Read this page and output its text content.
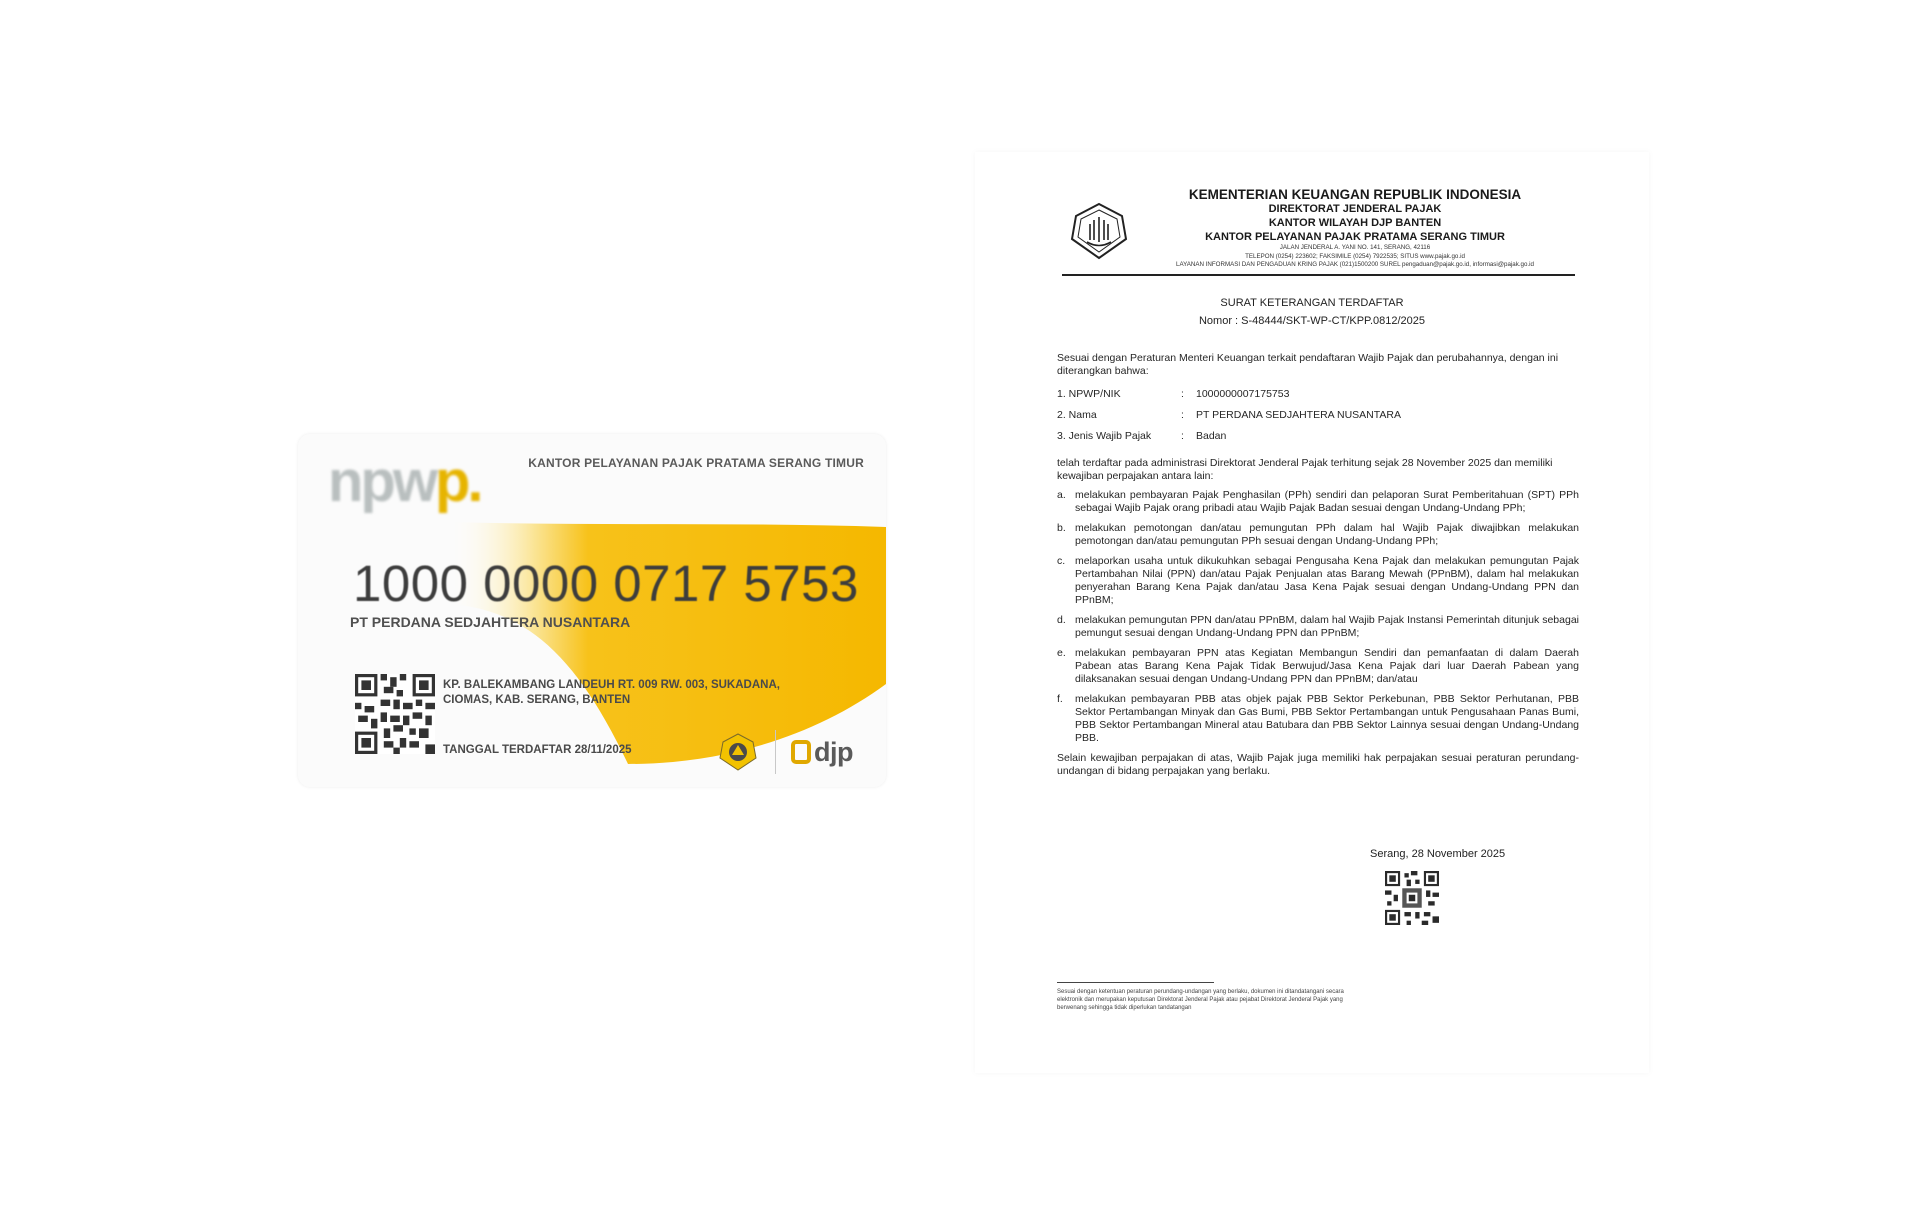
npwp.	KANTOR PELAYANAN PAJAK PRATAMA SERANG TIMUR
1000 0000 0717 5753
PT PERDANA SEDJAHTERA NUSANTARA
KP. BALEKAMBANG LANDEUH RT. 009 RW. 003, SUKADANA, CIOMAS, KAB. SERANG, BANTEN
TANGGAL TERDAFTAR 28/11/2025	djp
KEMENTERIAN KEUANGAN REPUBLIK INDONESIA
DIREKTORAT JENDERAL PAJAK
KANTOR WILAYAH DJP BANTEN
KANTOR PELAYANAN PAJAK PRATAMA SERANG TIMUR
JALAN JENDERAL A. YANI NO. 141, SERANG, 42116
TELEPON (0254) 223602; FAKSIMILE (0254) 7922535; SITUS www.pajak.go.id
LAYANAN INFORMASI DAN PENGADUAN KRING PAJAK (021)1500200 SUREL pengaduan@pajak.go.id, informasi@pajak.go.id
SURAT KETERANGAN TERDAFTAR
Nomor : S-48444/SKT-WP-CT/KPP.0812/2025

Sesuai dengan Peraturan Menteri Keuangan terkait pendaftaran Wajib Pajak dan perubahannya, dengan ini diterangkan bahwa:

1. NPWP/NIK	:	1000000007175753
2. Nama	:	PT PERDANA SEDJAHTERA NUSANTARA
3. Jenis Wajib Pajak	:	Badan

telah terdaftar pada administrasi Direktorat Jenderal Pajak terhitung sejak 28 November 2025 dan memiliki kewajiban perpajakan antara lain:

a. melakukan pembayaran Pajak Penghasilan (PPh) sendiri dan pelaporan Surat Pemberitahuan (SPT) PPh sebagai Wajib Pajak orang pribadi atau Wajib Pajak Badan sesuai dengan Undang-Undang PPh;
b. melakukan pemotongan dan/atau pemungutan PPh dalam hal Wajib Pajak diwajibkan melakukan pemotongan dan/atau pemungutan PPh sesuai dengan Undang-Undang PPh;
c. melaporkan usaha untuk dikukuhkan sebagai Pengusaha Kena Pajak dan melakukan pemungutan Pajak Pertambahan Nilai (PPN) dan/atau Pajak Penjualan atas Barang Mewah (PPnBM), dalam hal melakukan penyerahan Barang Kena Pajak dan/atau Jasa Kena Pajak sesuai dengan Undang-Undang PPN dan PPnBM;
d. melakukan pemungutan PPN dan/atau PPnBM, dalam hal Wajib Pajak Instansi Pemerintah ditunjuk sebagai pemungut sesuai dengan Undang-Undang PPN dan PPnBM;
e. melakukan pembayaran PPN atas Kegiatan Membangun Sendiri dan pemanfaatan di dalam Daerah Pabean atas Barang Kena Pajak Tidak Berwujud/Jasa Kena Pajak dari luar Daerah Pabean yang dilaksanakan sesuai dengan Undang-Undang PPN dan PPnBM; dan/atau
f.	melakukan pembayaran PBB atas objek pajak PBB Sektor Perkebunan, PBB Sektor Perhutanan, PBB Sektor Pertambangan Minyak dan Gas Bumi, PBB Sektor Pertambangan untuk Pengusahaan Panas Bumi, PBB Sektor Pertambangan Mineral atau Batubara dan PBB Sektor Lainnya sesuai dengan Undang-Undang PBB.

Selain kewajiban perpajakan di atas, Wajib Pajak juga memiliki hak perpajakan sesuai peraturan perundang-undangan di bidang perpajakan yang berlaku.

Serang, 28 November 2025
Sesuai dengan ketentuan peraturan perundang-undangan yang berlaku, dokumen ini ditandatangani secara elektronik dan merupakan keputusan Direktorat Jenderal Pajak atau pejabat Direktorat Jenderal Pajak yang berwenang sehingga tidak diperlukan tandatangan
